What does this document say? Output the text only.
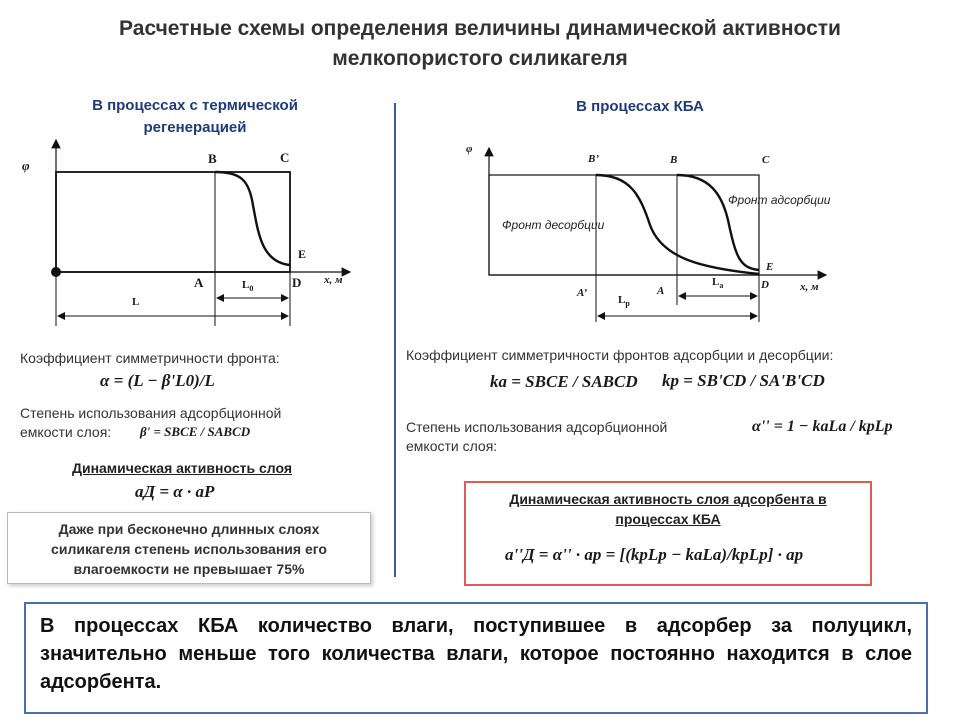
Расчетные схемы определения величины динамической активности
мелкопористого силикагеля
В процессах с термической
регенерацией
В процессах КБА
φ	B	C
E
A	D x, м
$L_0$
L
φ
B’	B	C
Фронт адсорбции
Фронт десорбции
E
A’	A	D	x, м
$L_a$
$L_p$
Коэффициент симметричности фронта:
α = (L − β'L0)/L
Степень использования адсорбционной
емкости слоя:	β' = SBCE / SABCD
Динамическая активность слоя
aД = α · aP
Даже при бесконечно длинных слоях
силикагеля степень использования его
влагоемкости не превышает 75%
Коэффициент симметричности фронтов адсорбции и десорбции:
ka = SBCE / SABCD kp = SB'CD / SA'B'CD
Степень использования адсорбционной
емкости слоя:
α'' = 1 − kaLa / kpLp
Динамическая активность слоя адсорбента в
процессах КБА
a''Д = α'' · ap = [(kpLp − kaLa)/kpLp] · ap
В процессах КБА количество влаги, поступившее в адсорбер за полуцикл, значительно меньше того количества влаги, которое постоянно находится в слое адсорбента.
